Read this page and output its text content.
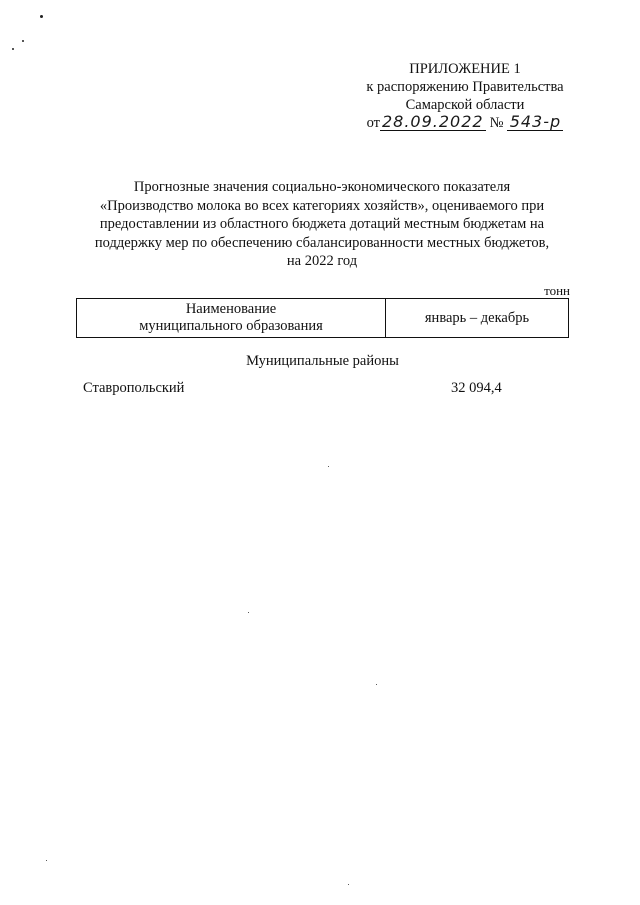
ПРИЛОЖЕНИЕ 1
к распоряжению Правительства
Самарской области
от 28.09.2022 № 543-р
Прогнозные значения социально-экономического показателя
«Производство молока во всех категориях хозяйств», оцениваемого при
предоставлении из областного бюджета дотаций местным бюджетам на
поддержку мер по обеспечению сбалансированности местных бюджетов,
на 2022 год
тонн
Наименование
муниципального образования
январь – декабрь
Муниципальные районы
Ставропольский	32 094,4
